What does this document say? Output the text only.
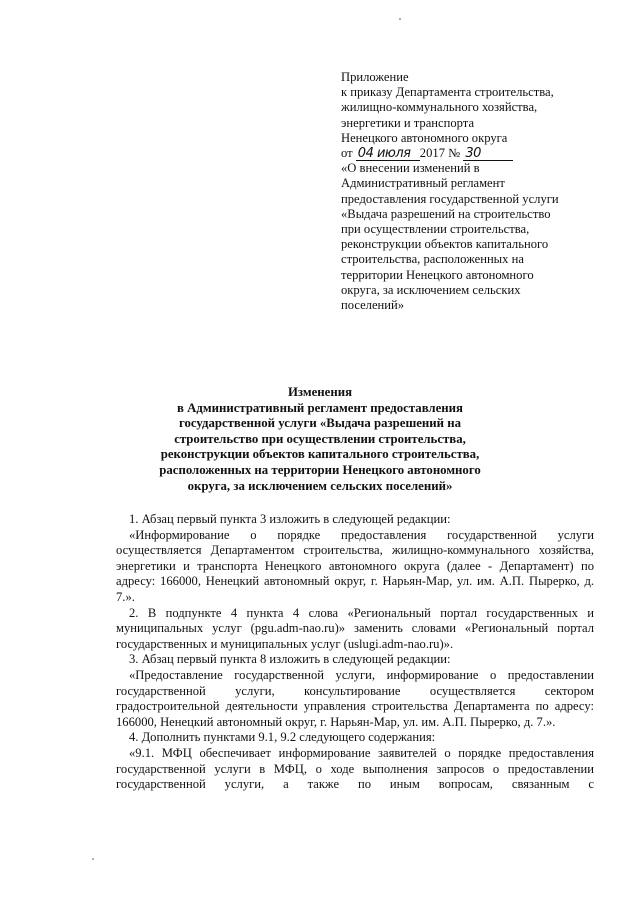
Приложение
к приказу Департамента строительства,
жилищно-коммунального хозяйства,
энергетики и транспорта
Ненецкого автономного округа
от 04 июля 2017 № 30
«О внесении изменений в
Административный регламент
предоставления государственной услуги
«Выдача разрешений на строительство
при осуществлении строительства,
реконструкции объектов капитального
строительства, расположенных на
территории Ненецкого автономного
округа, за исключением сельских
поселений»
Изменения
в Административный регламент предоставления
государственной услуги «Выдача разрешений на
строительство при осуществлении строительства,
реконструкции объектов капитального строительства,
расположенных на территории Ненецкого автономного
округа, за исключением сельских поселений»

1. Абзац первый пункта 3 изложить в следующей редакции:

«Информирование о порядке предоставления государственной услуги осуществляется Департаментом строительства, жилищно-коммунального хозяйства, энергетики и транспорта Ненецкого автономного округа (далее - Департамент) по адресу: 166000, Ненецкий автономный округ, г. Нарьян-Мар, ул. им. А.П. Пырерко, д. 7.».

2. В подпункте 4 пункта 4 слова «Региональный портал государственных и муниципальных услуг (pgu.adm-nao.ru)» заменить словами «Региональный портал государственных и муниципальных услуг (uslugi.adm-nao.ru)».

3. Абзац первый пункта 8 изложить в следующей редакции:

«Предоставление государственной услуги, информирование о предоставлении государственной услуги, консультирование осуществляется сектором градостроительной деятельности управления строительства Департамента по адресу: 166000, Ненецкий автономный округ, г. Нарьян-Мар, ул. им. А.П. Пырерко, д. 7.».

4. Дополнить пунктами 9.1, 9.2 следующего содержания:

«9.1. МФЦ обеспечивает информирование заявителей о порядке предоставления государственной услуги в МФЦ, о ходе выполнения запросов о предоставлении государственной услуги, а также по иным вопросам, связанным с
